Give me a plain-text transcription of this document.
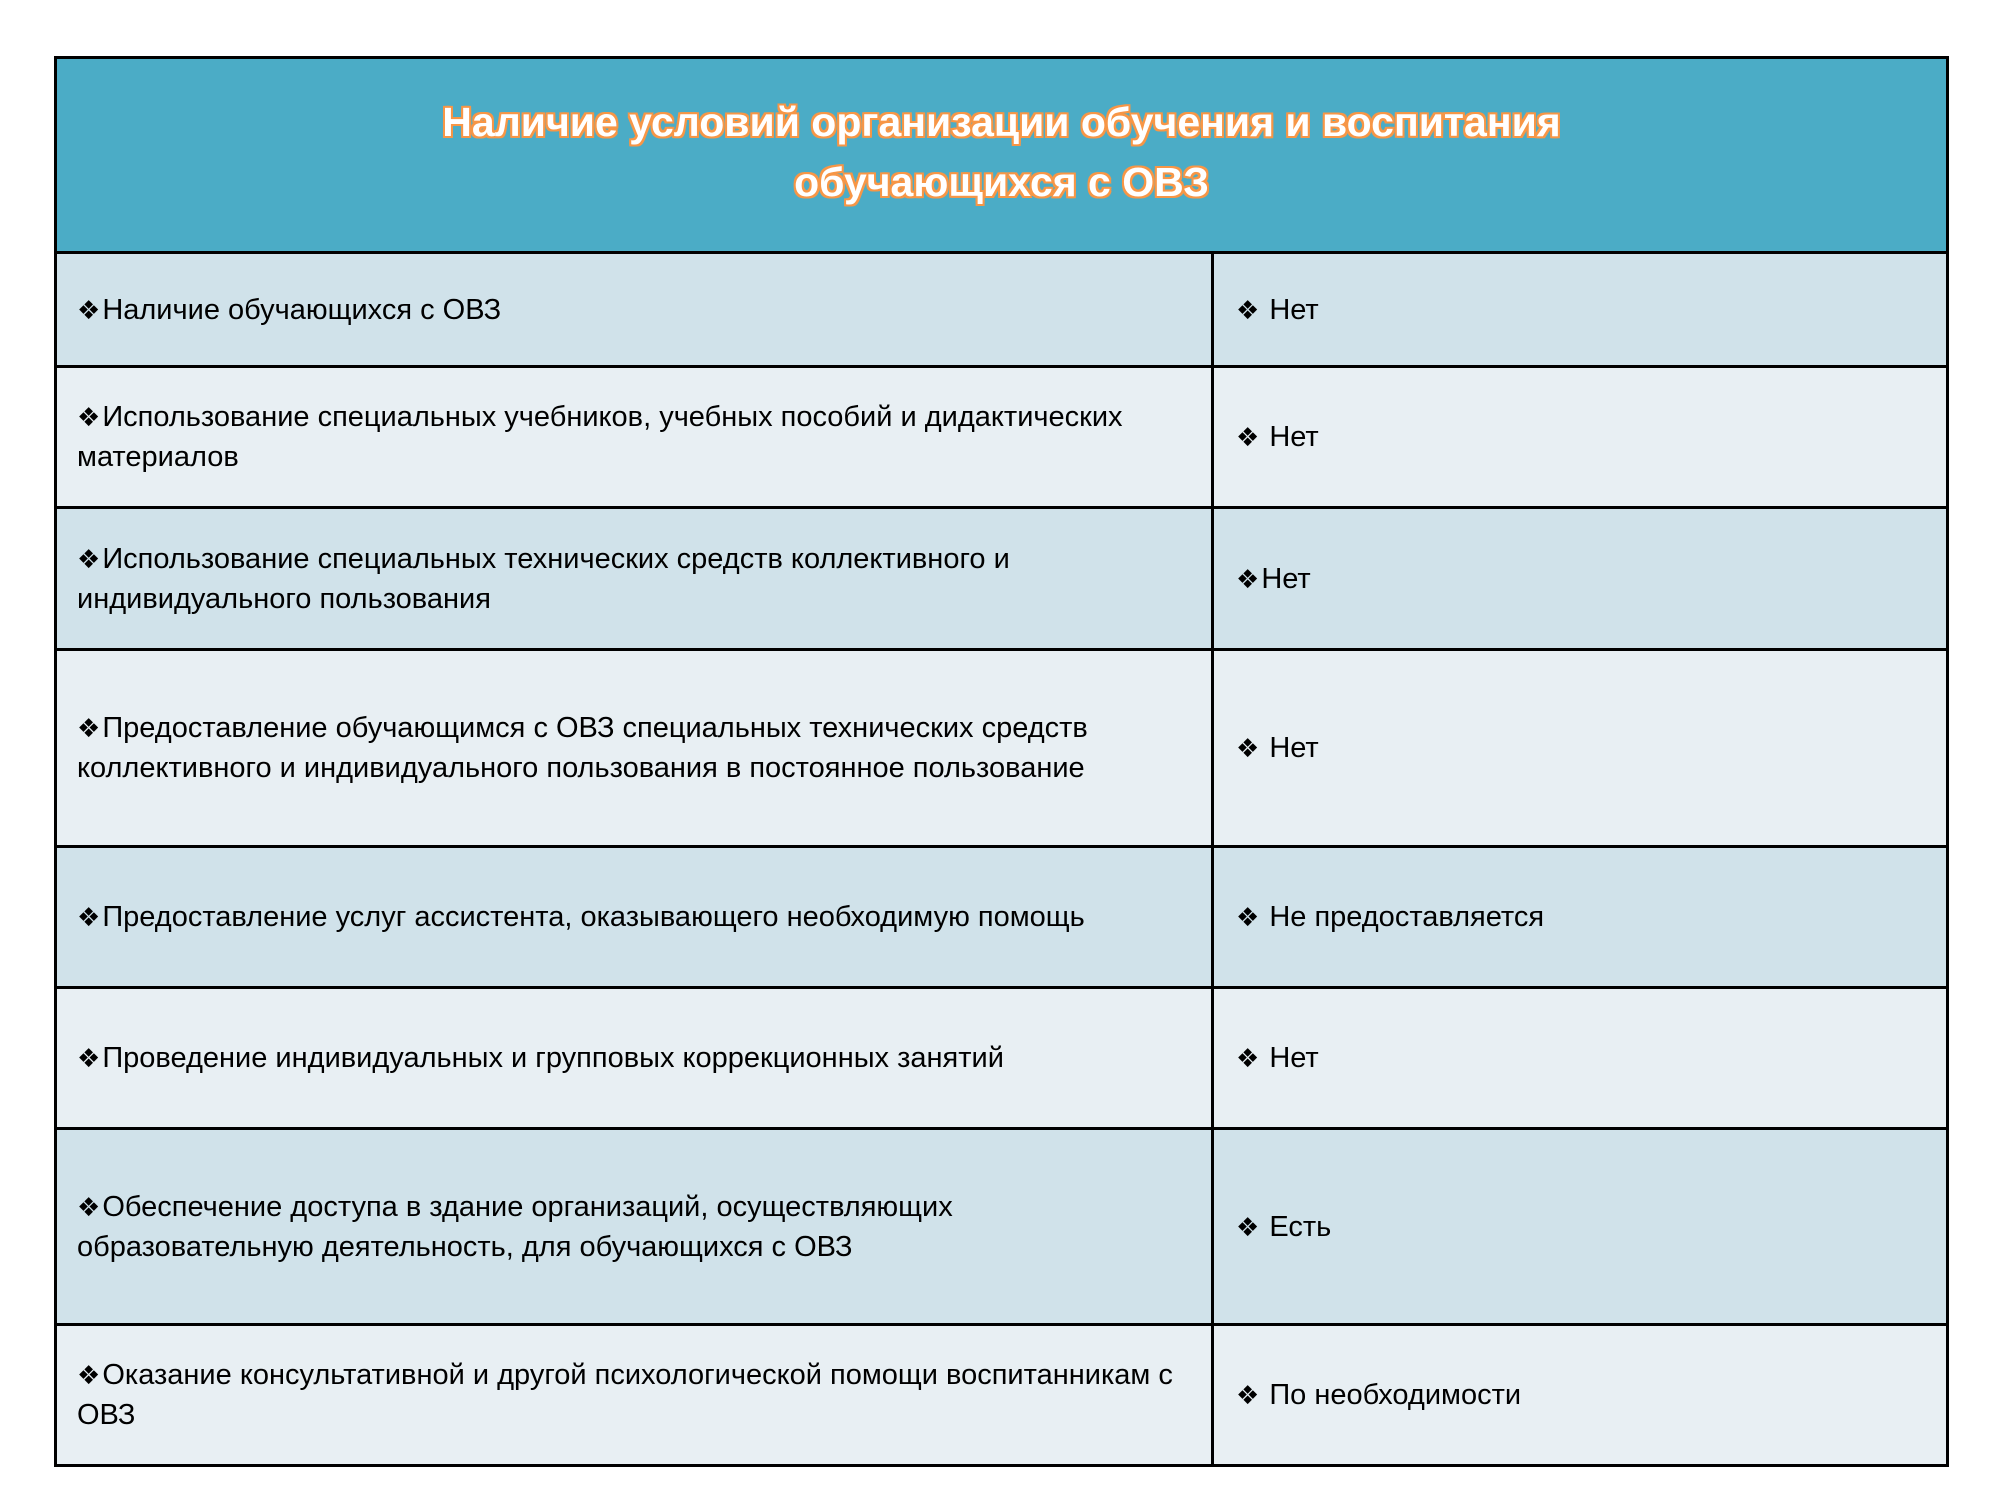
Наличие условий организации обучения и воспитания
обучающихся с ОВЗ	

❖Наличие обучающихся с ОВЗ	❖ Нет
❖Использование специальных учебников, учебных пособий и дидактических материалов	❖ Нет
❖Использование специальных технических средств коллективного и индивидуального пользования	❖Нет
❖Предоставление обучающимся с ОВЗ специальных технических средств коллективного и индивидуального пользования в постоянное пользование	❖ Нет
❖Предоставление услуг ассистента, оказывающего необходимую помощь	❖ Не предоставляется
❖Проведение индивидуальных и групповых коррекционных занятий	❖ Нет
❖Обеспечение доступа в здание организаций, осуществляющих образовательную деятельность, для обучающихся с ОВЗ	❖ Есть
❖Оказание консультативной и другой психологической помощи воспитанникам с ОВЗ	❖ По необходимости
